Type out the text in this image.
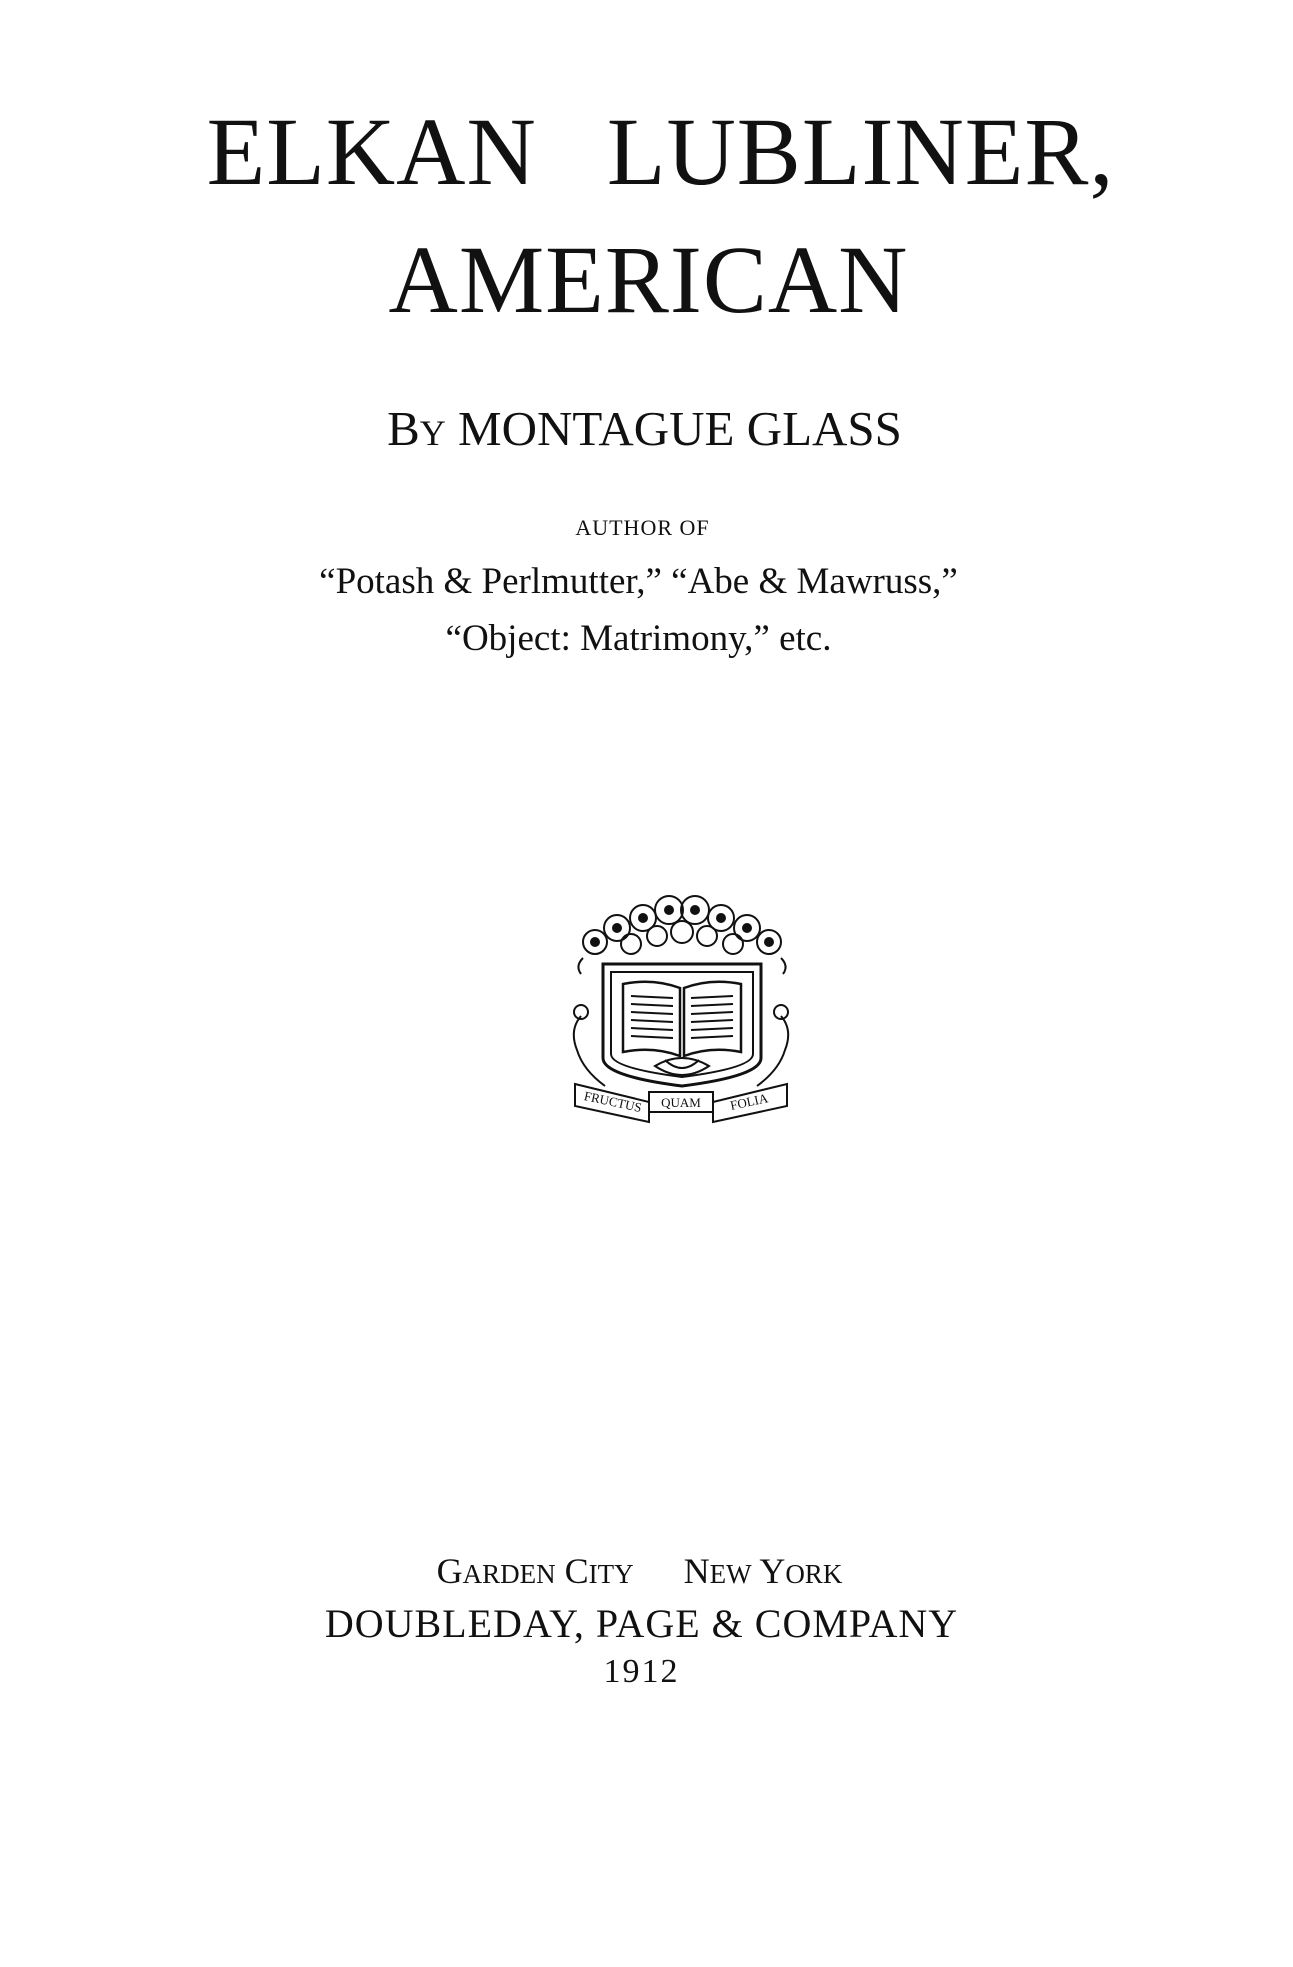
ELKAN LUBLINER,
AMERICAN
BY MONTAGUE GLASS
AUTHOR OF
“Potash & Perlmutter,” “Abe & Mawruss,”
“Object: Matrimony,” etc.
FRUCTUS QUAM FOLIA
GARDEN CITY NEW YORK
DOUBLEDAY, PAGE & COMPANY
1912
